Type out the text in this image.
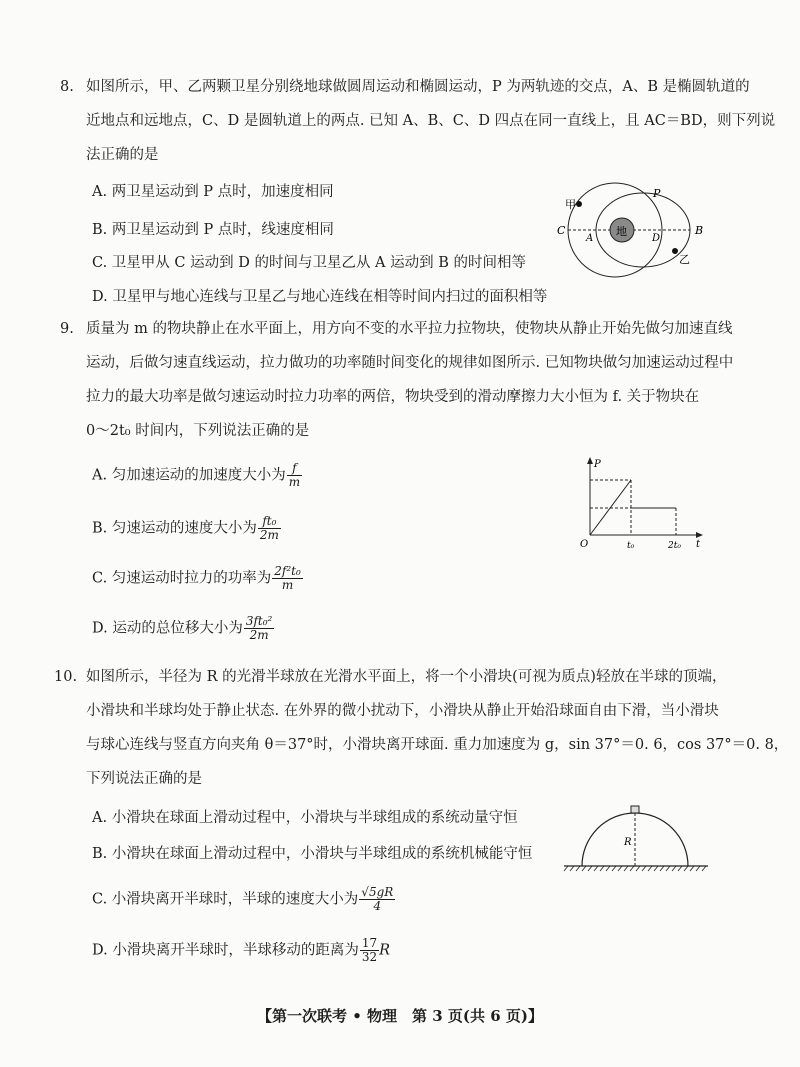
8. 如图所示，甲、乙两颗卫星分别绕地球做圆周运动和椭圆运动，P 为两轨迹的交点，A、B 是椭圆轨道的
近地点和远地点，C、D 是圆轨道上的两点. 已知 A、B、C、D 四点在同一直线上，且 AC＝BD，则下列说
法正确的是
A. 两卫星运动到 P 点时，加速度相同
B. 两卫星运动到 P 点时，线速度相同
C. 卫星甲从 C 运动到 D 的时间与卫星乙从 A 运动到 B 的时间相等
D. 卫星甲与地心连线与卫星乙与地心连线在相等时间内扫过的面积相等
地
甲
乙
P
C
A	D
B
9. 质量为 m 的物块静止在水平面上，用方向不变的水平拉力拉物块，使物块从静止开始先做匀加速直线
运动，后做匀速直线运动，拉力做功的功率随时间变化的规律如图所示. 已知物块做匀加速运动过程中
拉力的最大功率是做匀速运动时拉力功率的两倍，物块受到的滑动摩擦力大小恒为 f. 关于物块在
0～2t₀ 时间内，下列说法正确的是
A. 匀加速运动的加速度大小为 $\frac{f}{m}$
B. 匀速运动的速度大小为 $\frac{\text{ft₀}}{2m}$
C. 匀速运动时拉力的功率为 $\frac{\text{2f²t₀}}{m}$
D. 运动的总位移大小为 $\frac{\text{3ft₀²}}{2m}$
P
O	t₀	2t₀ t
10. 如图所示，半径为 R 的光滑半球放在光滑水平面上，将一个小滑块(可视为质点)轻放在半球的顶端，
小滑块和半球均处于静止状态. 在外界的微小扰动下，小滑块从静止开始沿球面自由下滑，当小滑块
与球心连线与竖直方向夹角 θ＝37°时，小滑块离开球面. 重力加速度为 g，sin 37°＝0. 6，cos 37°＝0. 8，
下列说法正确的是
A. 小滑块在球面上滑动过程中，小滑块与半球组成的系统动量守恒
B. 小滑块在球面上滑动过程中，小滑块与半球组成的系统机械能守恒
C. 小滑块离开半球时，半球的速度大小为 $\frac{√5gR}{4}$
D. 小滑块离开半球时，半球移动的距离为 $\frac{17}{32}$ R
R
【第一次联考 • 物理　第 3 页(共 6 页)】
